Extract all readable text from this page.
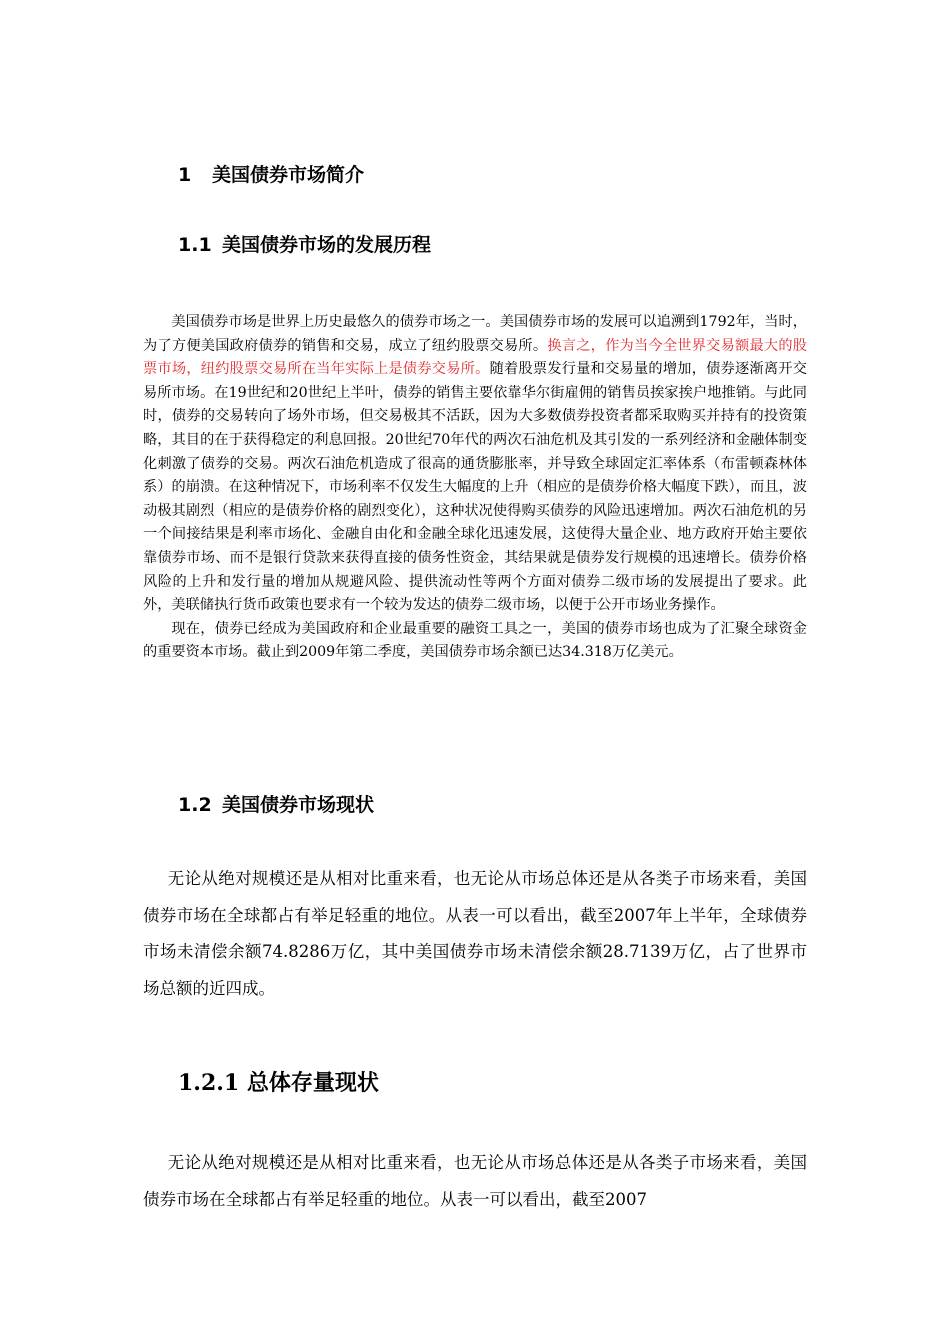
1 美国债券市场简介
1.1 美国债券市场的发展历程

美国债券市场是世界上历史最悠久的债券市场之一。美国债券市场的发展可以追溯到1792年，当时，为了方便美国政府债券的销售和交易，成立了纽约股票交易所。换言之，作为当今全世界交易额最大的股票市场，纽约股票交易所在当年实际上是债券交易所。随着股票发行量和交易量的增加，债券逐渐离开交易所市场。在19世纪和20世纪上半叶，债券的销售主要依靠华尔街雇佣的销售员挨家挨户地推销。与此同时，债券的交易转向了场外市场，但交易极其不活跃，因为大多数债券投资者都采取购买并持有的投资策略，其目的在于获得稳定的利息回报。20世纪70年代的两次石油危机及其引发的一系列经济和金融体制变化刺激了债券的交易。两次石油危机造成了很高的通货膨胀率，并导致全球固定汇率体系（布雷顿森林体系）的崩溃。在这种情况下，市场利率不仅发生大幅度的上升（相应的是债券价格大幅度下跌），而且，波动极其剧烈（相应的是债券价格的剧烈变化），这种状况使得购买债券的风险迅速增加。两次石油危机的另一个间接结果是利率市场化、金融自由化和金融全球化迅速发展，这使得大量企业、地方政府开始主要依靠债券市场、而不是银行贷款来获得直接的债务性资金，其结果就是债券发行规模的迅速增长。债券价格风险的上升和发行量的增加从规避风险、提供流动性等两个方面对债券二级市场的发展提出了要求。此外，美联储执行货币政策也要求有一个较为发达的债券二级市场，以便于公开市场业务操作。

现在，债券已经成为美国政府和企业最重要的融资工具之一，美国的债券市场也成为了汇聚全球资金的重要资本市场。截止到2009年第二季度，美国债券市场余额已达34.318万亿美元。

1.2 美国债券市场现状

无论从绝对规模还是从相对比重来看，也无论从市场总体还是从各类子市场来看，美国债券市场在全球都占有举足轻重的地位。从表一可以看出，截至2007年上半年，全球债券市场未清偿余额74.8286万亿，其中美国债券市场未清偿余额28.7139万亿，占了世界市场总额的近四成。

1.2.1 总体存量现状

无论从绝对规模还是从相对比重来看，也无论从市场总体还是从各类子市场来看，美国债券市场在全球都占有举足轻重的地位。从表一可以看出，截至2007
